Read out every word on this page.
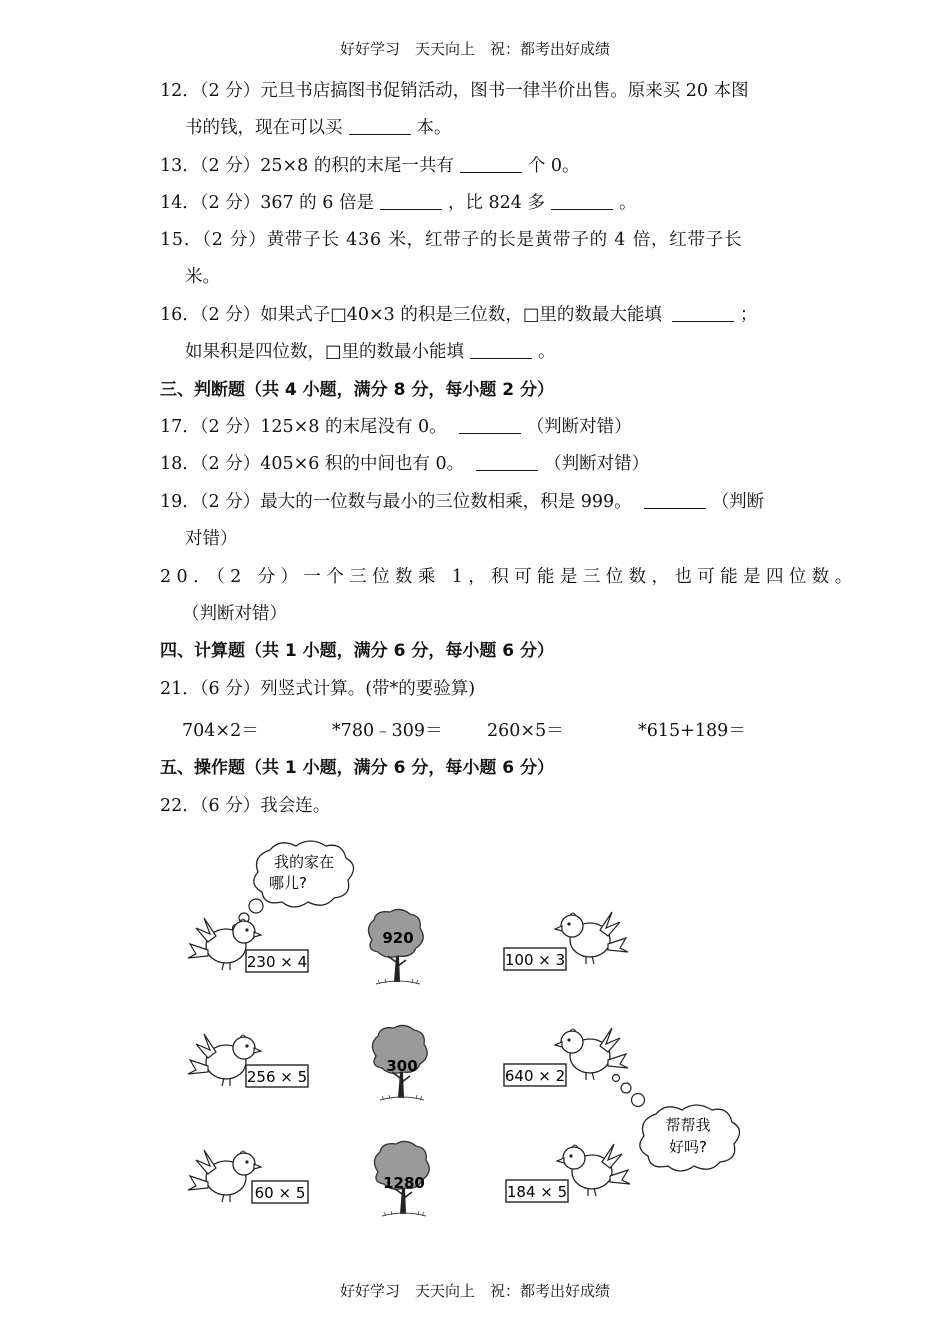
好好学习　天天向上　祝：都考出好成绩
12．（2 分）元旦书店搞图书促销活动，图书一律半价出售。原来买 20 本图
书的钱，现在可以买	本。
13．（2 分）25×8 的积的末尾一共有	个 0。
14．（2 分）367 的 6 倍是	，比 824 多	。
15．（2 分）黄带子长 436 米，红带子的长是黄带子的 4 倍，红带子长
米。
16．（2 分）如果式子□40×3 的积是三位数，□里的数最大能填	；
如果积是四位数，□里的数最小能填	。
三、判断题（共 4 小题，满分 8 分，每小题 2 分）
17．（2 分）125×8 的末尾没有 0。	（判断对错）
18．（2 分）405×6 积的中间也有 0。	（判断对错）
19．（2 分）最大的一位数与最小的三位数相乘，积是 999。	（判断
对错）
20．（2 分）一个三位数乘 1，积可能是三位数，也可能是四位数。
（判断对错）
四、计算题（共 1 小题，满分 6 分，每小题 6 分）
21．（6 分）列竖式计算。(带*的要验算)
704×2＝	*780﹣309＝	260×5＝	*615+189＝
五、操作题（共 1 小题，满分 6 分，每小题 6 分）
22．（6 分）我会连。
我的家在
哪儿?
230 × 4
256 × 5
60 × 5
920
300
1280
100 × 3
640 × 2
184 × 5
帮帮我
好吗?
好好学习　天天向上　祝：都考出好成绩
